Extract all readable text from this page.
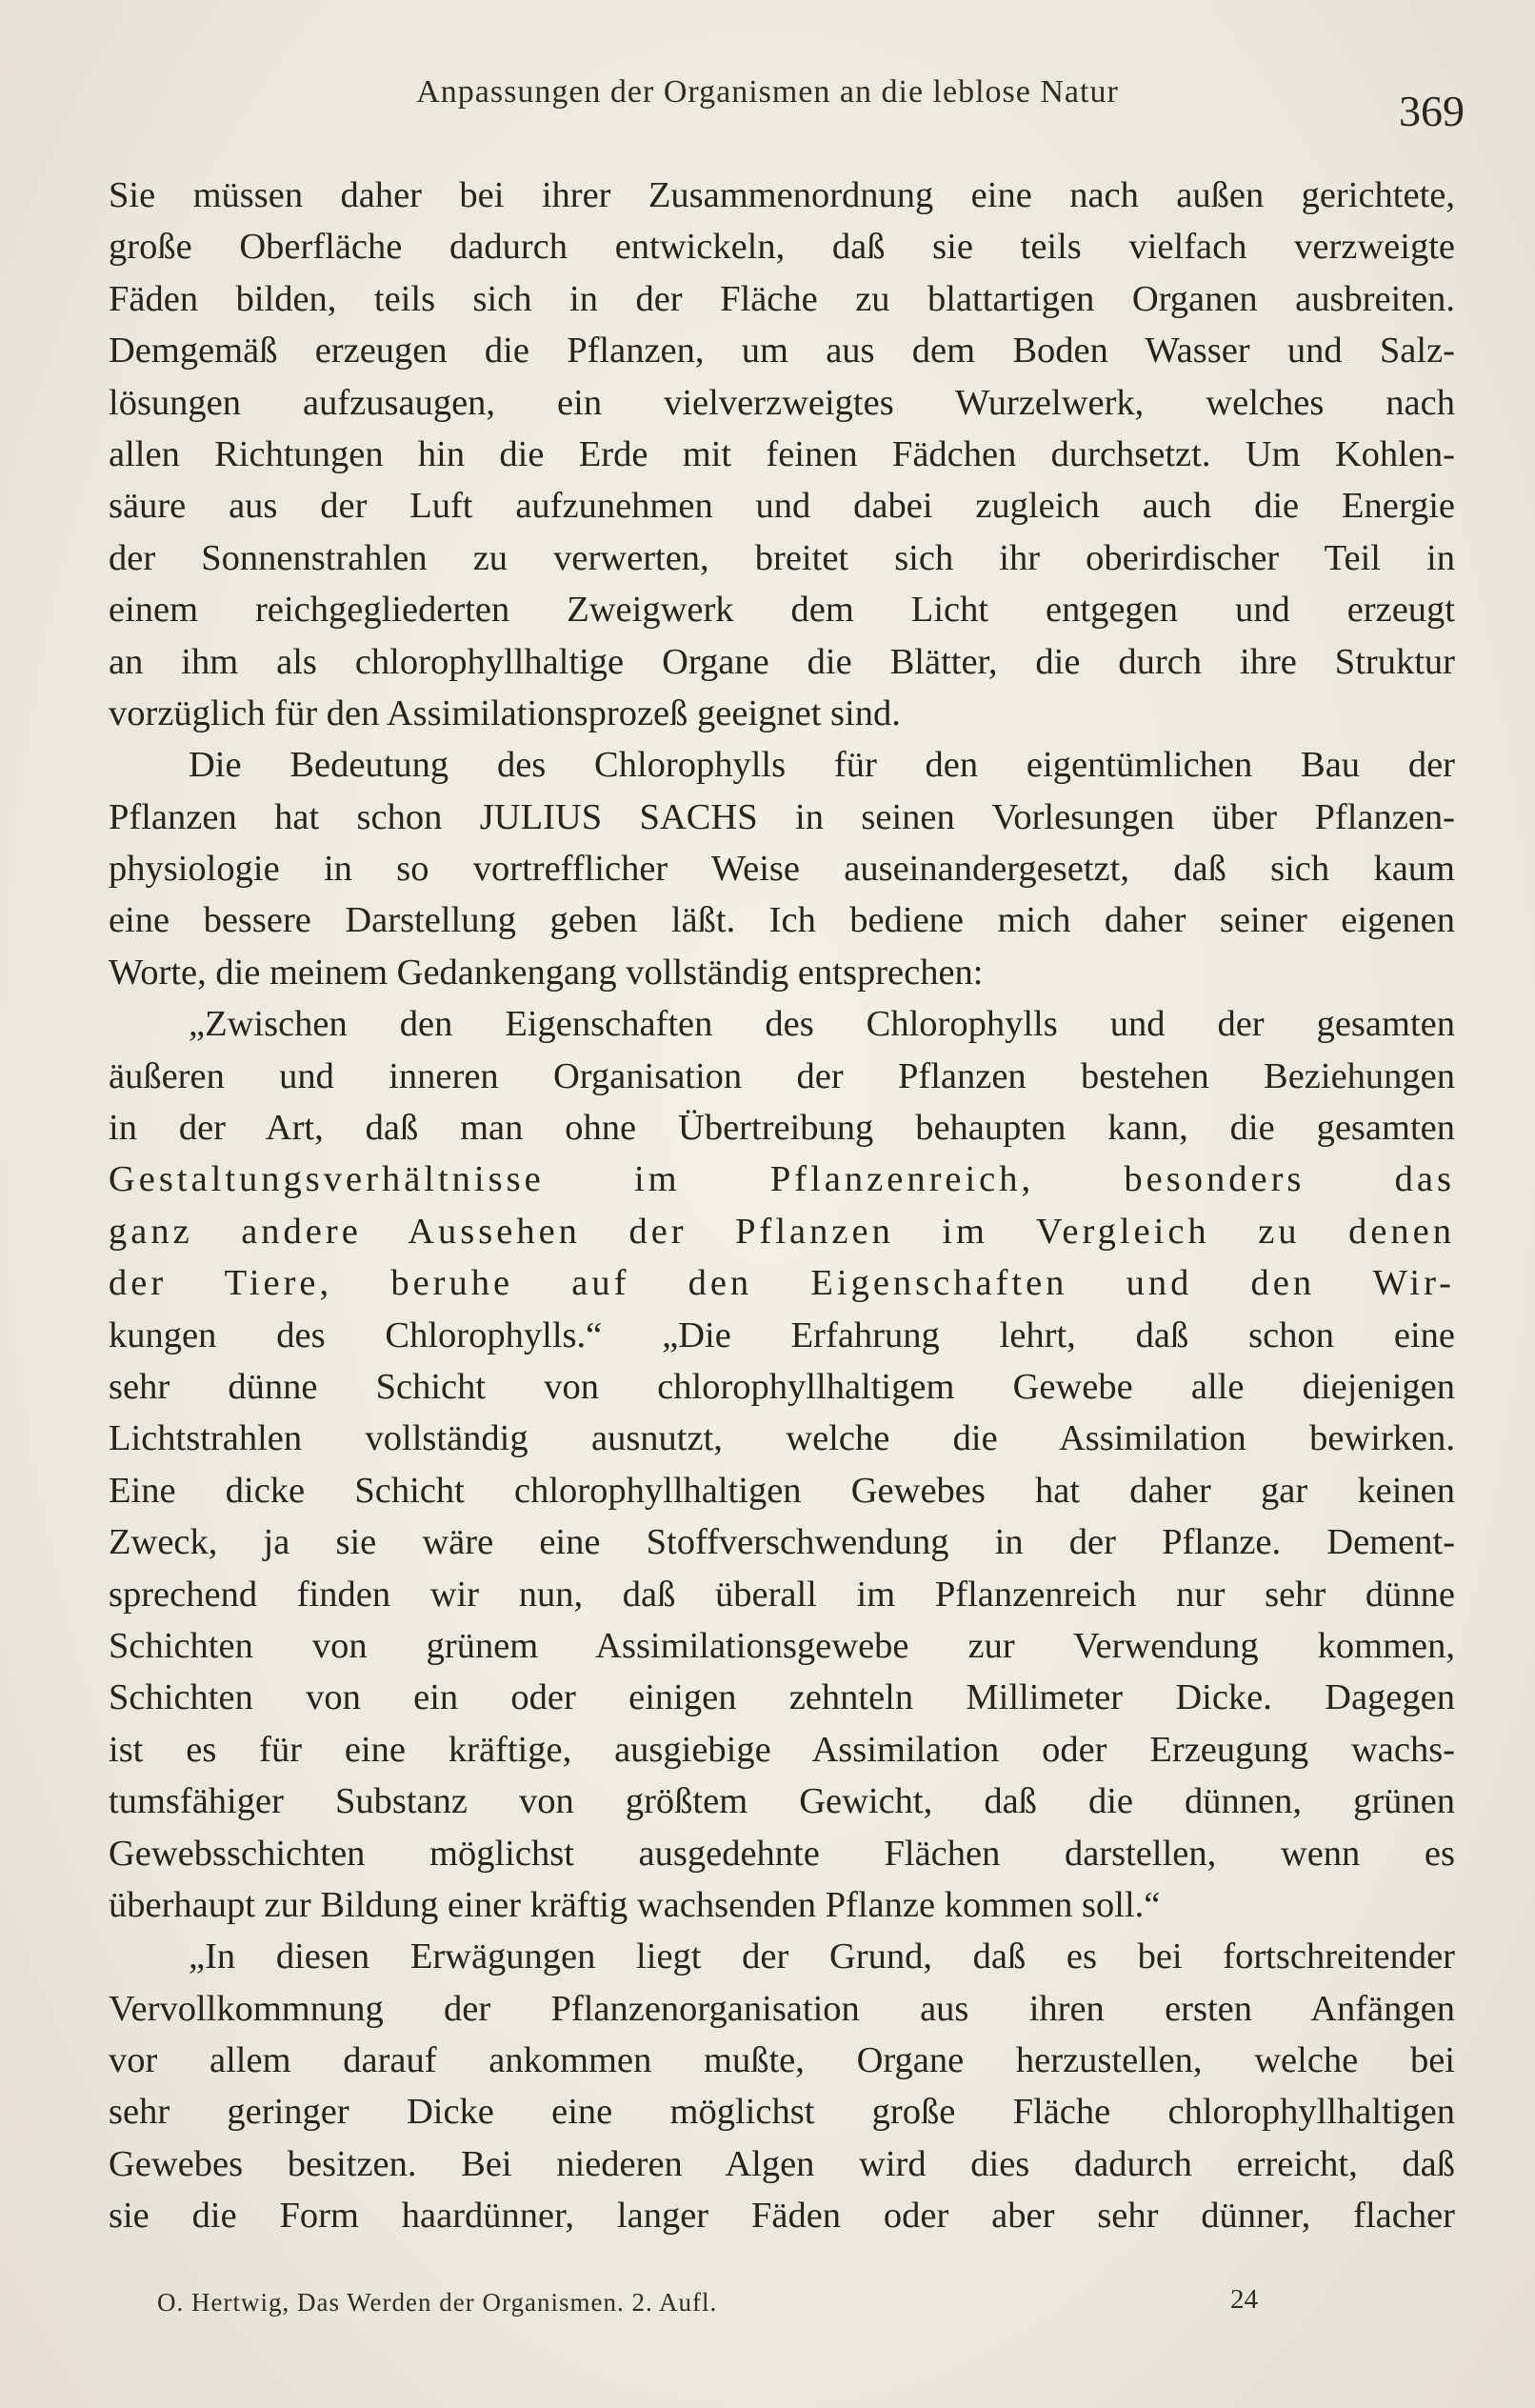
Anpassungen der Organismen an die leblose Natur	369
Sie müssen daher bei ihrer Zusammenordnung eine nach außen gerichtete,
große Oberfläche dadurch entwickeln, daß sie teils vielfach verzweigte
Fäden bilden, teils sich in der Fläche zu blattartigen Organen ausbreiten.
Demgemäß erzeugen die Pflanzen, um aus dem Boden Wasser und Salz-
lösungen aufzusaugen, ein vielverzweigtes Wurzelwerk, welches nach
allen Richtungen hin die Erde mit feinen Fädchen durchsetzt. Um Kohlen-
säure aus der Luft aufzunehmen und dabei zugleich auch die Energie
der Sonnenstrahlen zu verwerten, breitet sich ihr oberirdischer Teil in
einem reichgegliederten Zweigwerk dem Licht entgegen und erzeugt
an ihm als chlorophyllhaltige Organe die Blätter, die durch ihre Struktur
vorzüglich für den Assimilationsprozeß geeignet sind.
Die Bedeutung des Chlorophylls für den eigentümlichen Bau der
Pflanzen hat schon JULIUS SACHS in seinen Vorlesungen über Pflanzen-
physiologie in so vortrefflicher Weise auseinandergesetzt, daß sich kaum
eine bessere Darstellung geben läßt. Ich bediene mich daher seiner eigenen
Worte, die meinem Gedankengang vollständig entsprechen:
„Zwischen den Eigenschaften des Chlorophylls und der gesamten
äußeren und inneren Organisation der Pflanzen bestehen Beziehungen
in der Art, daß man ohne Übertreibung behaupten kann, die gesamten
Gestaltungsverhältnisse im Pflanzenreich, besonders das
ganz andere Aussehen der Pflanzen im Vergleich zu denen
der Tiere, beruhe auf den Eigenschaften und den Wir-
kungen des Chlorophylls.“ „Die Erfahrung lehrt, daß schon eine
sehr dünne Schicht von chlorophyllhaltigem Gewebe alle diejenigen
Lichtstrahlen vollständig ausnutzt, welche die Assimilation bewirken.
Eine dicke Schicht chlorophyllhaltigen Gewebes hat daher gar keinen
Zweck, ja sie wäre eine Stoffverschwendung in der Pflanze. Dement-
sprechend finden wir nun, daß überall im Pflanzenreich nur sehr dünne
Schichten von grünem Assimilationsgewebe zur Verwendung kommen,
Schichten von ein oder einigen zehnteln Millimeter Dicke. Dagegen
ist es für eine kräftige, ausgiebige Assimilation oder Erzeugung wachs-
tumsfähiger Substanz von größtem Gewicht, daß die dünnen, grünen
Gewebsschichten möglichst ausgedehnte Flächen darstellen, wenn es
überhaupt zur Bildung einer kräftig wachsenden Pflanze kommen soll.“
„In diesen Erwägungen liegt der Grund, daß es bei fortschreitender
Vervollkommnung der Pflanzenorganisation aus ihren ersten Anfängen
vor allem darauf ankommen mußte, Organe herzustellen, welche bei
sehr geringer Dicke eine möglichst große Fläche chlorophyllhaltigen
Gewebes besitzen. Bei niederen Algen wird dies dadurch erreicht, daß
sie die Form haardünner, langer Fäden oder aber sehr dünner, flacher
O. Hertwig, Das Werden der Organismen. 2. Aufl.	24
